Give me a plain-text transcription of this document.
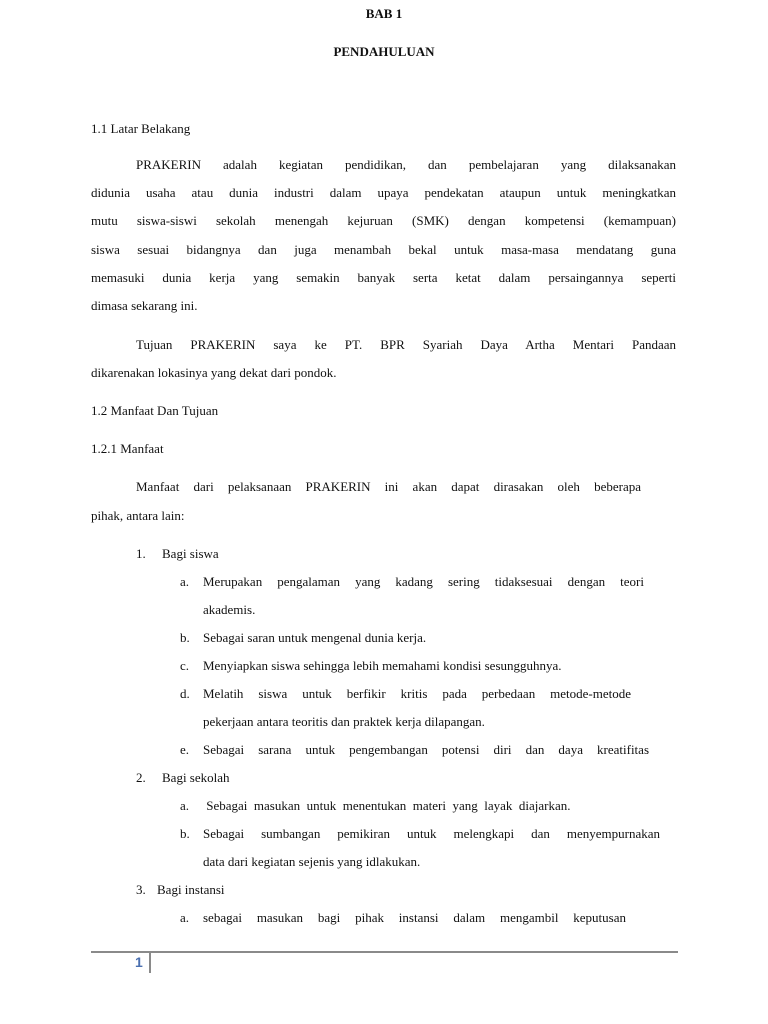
BAB 1
PENDAHULUAN
1.1 Latar Belakang
PRAKERIN adalah kegiatan pendidikan, dan pembelajaran yang dilaksanakan
didunia usaha atau dunia industri dalam upaya pendekatan ataupun untuk meningkatkan
mutu siswa-siswi sekolah menengah kejuruan (SMK) dengan kompetensi (kemampuan)
siswa sesuai bidangnya dan juga menambah bekal untuk masa-masa mendatang guna
memasuki dunia kerja yang semakin banyak serta ketat dalam persaingannya seperti
dimasa sekarang ini.
Tujuan PRAKERIN saya ke PT. BPR Syariah Daya Artha Mentari Pandaan
dikarenakan lokasinya yang dekat dari pondok.
1.2 Manfaat Dan Tujuan
1.2.1 Manfaat
Manfaat dari pelaksanaan PRAKERIN ini akan dapat dirasakan oleh beberapa
pihak, antara lain:
1. Bagi siswa
a. Merupakan pengalaman yang kadang sering tidaksesuai dengan teori
akademis.
b. Sebagai saran untuk mengenal dunia kerja.
c. Menyiapkan siswa sehingga lebih memahami kondisi sesungguhnya.
d. Melatih siswa untuk berfikir kritis pada perbedaan metode-metode
pekerjaan antara teoritis dan praktek kerja dilapangan.
e. Sebagai sarana untuk pengembangan potensi diri dan daya kreatifitas
2. Bagi sekolah
a. Sebagai  masukan  untuk  menentukan  materi  yang  layak  diajarkan.
b. Sebagai sumbangan pemikiran untuk melengkapi dan menyempurnakan
data dari kegiatan sejenis yang idlakukan.
3. Bagi instansi
a. sebagai masukan bagi pihak instansi dalam mengambil keputusan
1
